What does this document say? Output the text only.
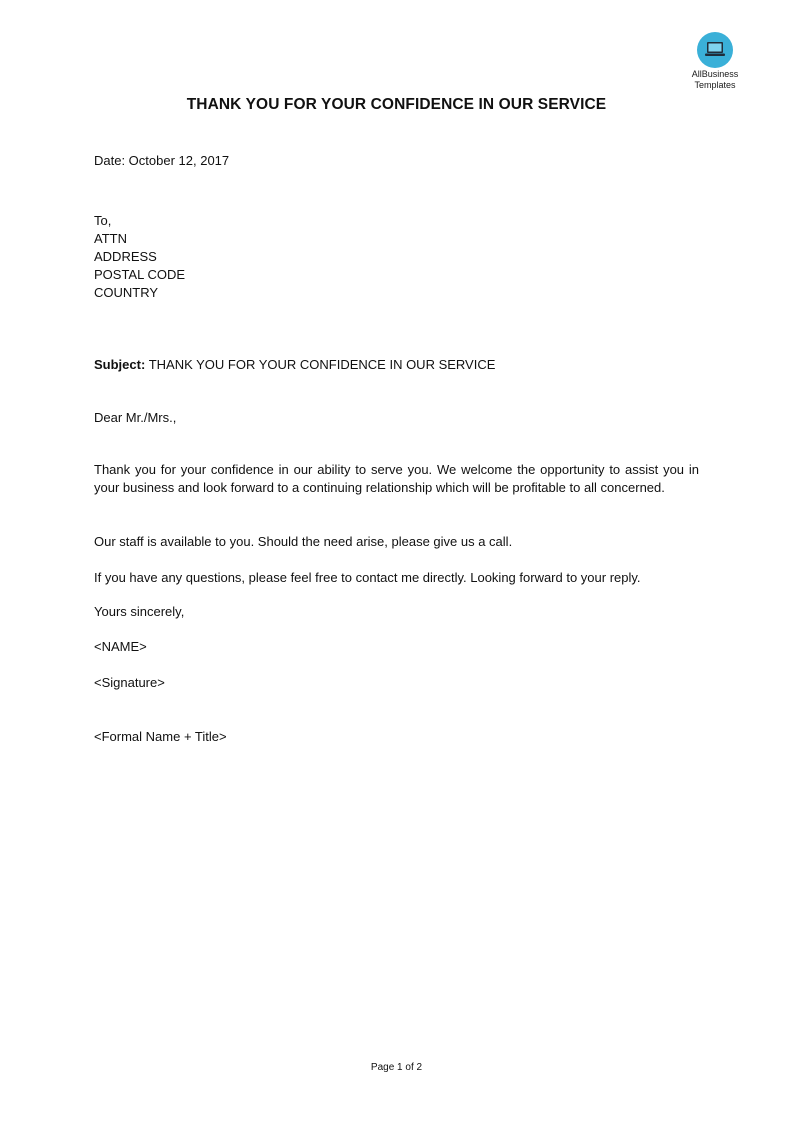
AllBusiness
Templates
THANK YOU FOR YOUR CONFIDENCE IN OUR SERVICE
Date: October 12, 2017
To,
ATTN
ADDRESS
POSTAL CODE
COUNTRY
Subject: THANK YOU FOR YOUR CONFIDENCE IN OUR SERVICE
Dear Mr./Mrs.,
Thank you for your confidence in our ability to serve you. We welcome the opportunity to assist you in your business and look forward to a continuing relationship which will be profitable to all concerned.
Our staff is available to you. Should the need arise, please give us a call.
If you have any questions, please feel free to contact me directly. Looking forward to your reply.
Yours sincerely,
<NAME>
<Signature>
<Formal Name + Title>
Page 1 of 2
